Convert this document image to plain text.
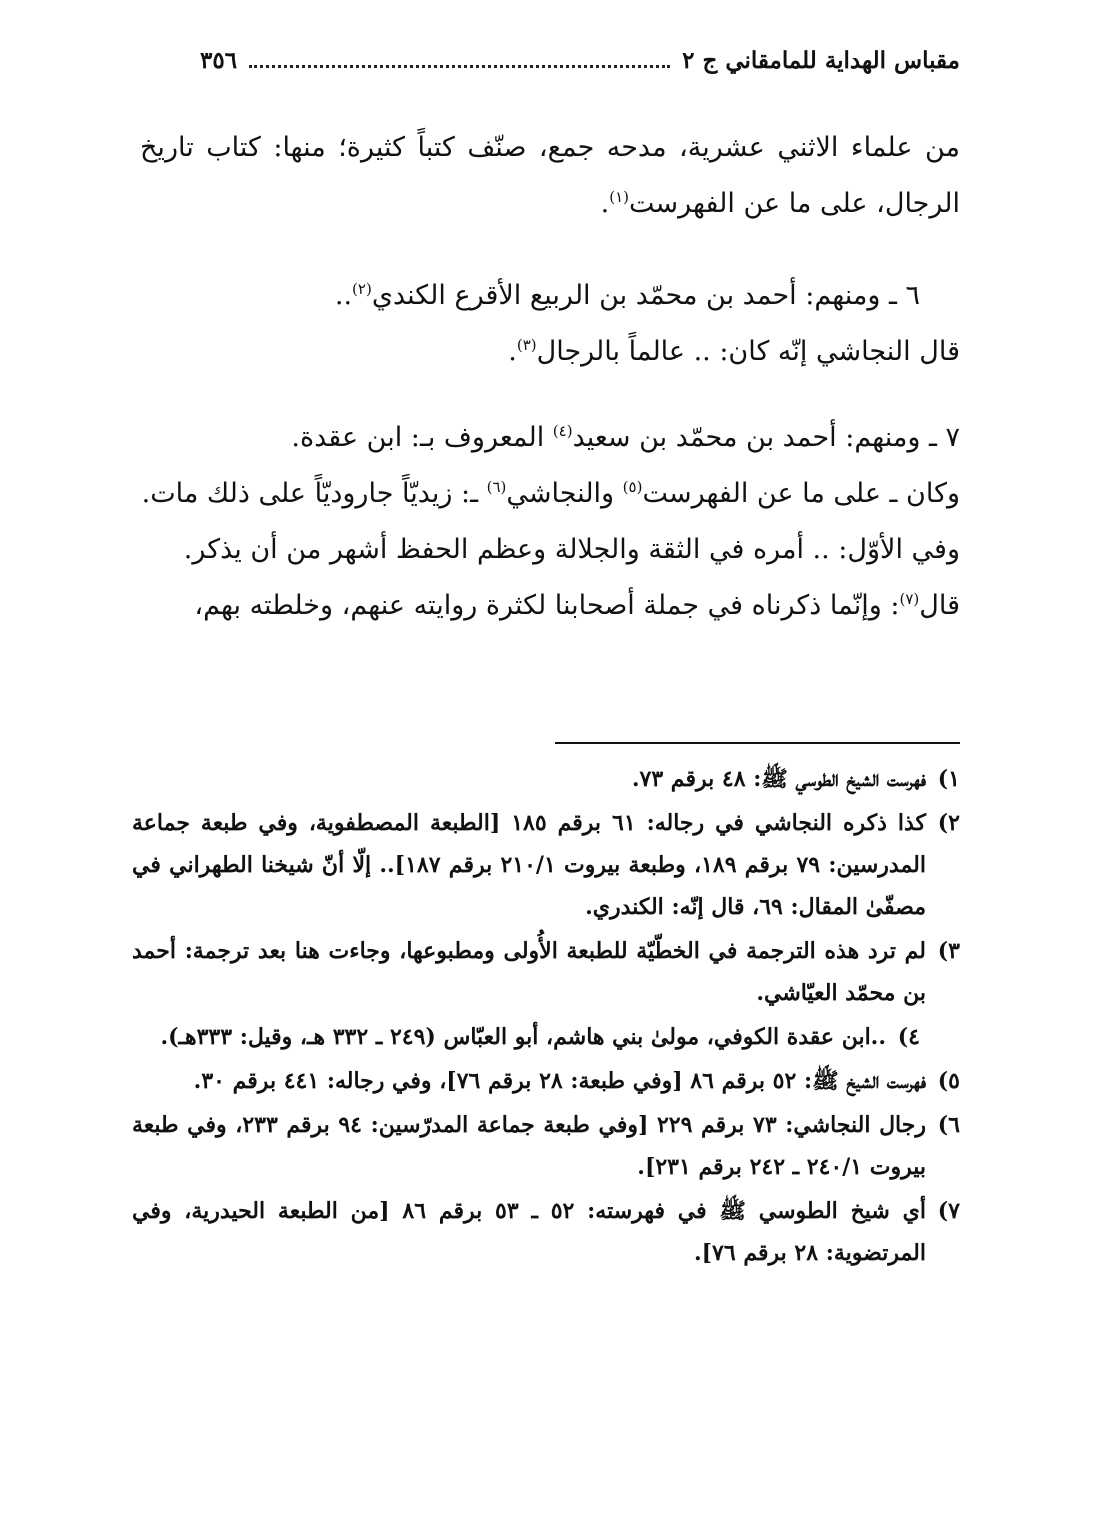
مقباس الهداية للمامقاني ج ٢
٣٥٦

من علماء الاثني عشرية، مدحه جمع، صنّف كتباً كثيرة؛ منها: كتاب تاريخ الرجال، على ما عن الفهرست$^{(١)}$.

٦ ـ ومنهم: أحمد بن محمّد بن الربيع الأقرع الكندي$^{(٢)}$..

قال النجاشي إنّه كان: .. عالماً بالرجال$^{(٣)}$.

٧ ـ ومنهم: أحمد بن محمّد بن سعيد$^{(٤)}$ المعروف بـ: ابن عقدة.

وكان ـ على ما عن الفهرست$^{(٥)}$ والنجاشي$^{(٦)}$ ـ: زيديّاً جاروديّاً على ذلك مات.

وفي الأوّل: .. أمره في الثقة والجلالة وعظم الحفظ أشهر من أن يذكر.

قال$^{(٧)}$: وإنّما ذكرناه في جملة أصحابنا لكثرة روايته عنهم، وخلطته بهم،

١)
فهرست الشيخ الطوسي ﷺ: ٤٨ برقم ٧٣.
٢)
كذا ذكره النجاشي في رجاله: ٦١ برقم ١٨٥ [الطبعة المصطفوية، وفي طبعة جماعة المدرسين: ٧٩ برقم ١٨٩، وطبعة بيروت ٢١٠/١ برقم ١٨٧].. إلّا أنّ شيخنا الطهراني في مصفّىٰ المقال: ٦٩، قال إنّه: الكندري.
٣)
لم ترد هذه الترجمة في الخطّيّة للطبعة الأُولى ومطبوعها، وجاءت هنا بعد ترجمة: أحمد بن محمّد العيّاشي.
٤)
..ابن عقدة الكوفي، مولىٰ بني هاشم، أبو العبّاس (٢٤٩ ـ ٣٣٢ هـ، وقيل: ٣٣٣هـ).
٥)
فهرست الشيخ ﷺ: ٥٢ برقم ٨٦ [وفي طبعة: ٢٨ برقم ٧٦]، وفي رجاله: ٤٤١ برقم ٣٠.
٦)
رجال النجاشي: ٧٣ برقم ٢٢٩ [وفي طبعة جماعة المدرّسين: ٩٤ برقم ٢٣٣، وفي طبعة بيروت ٢٤٠/١ ـ ٢٤٢ برقم ٢٣١].
٧)
أي شيخ الطوسي ﷺ في فهرسته: ٥٢ ـ ٥٣ برقم ٨٦ [من الطبعة الحيدرية، وفي المرتضوية: ٢٨ برقم ٧٦].
